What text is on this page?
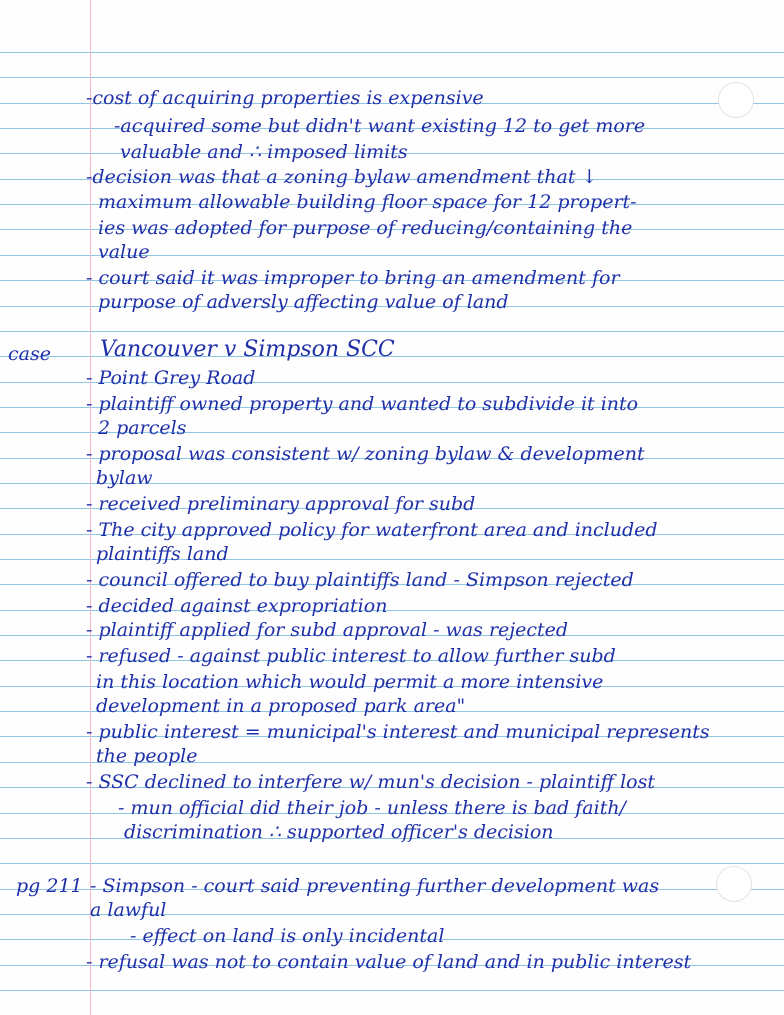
-cost of acquiring properties is expensive
-acquired some but didn't want existing 12 to get more
valuable and ∴ imposed limits
-decision was that a zoning bylaw amendment that ↓
maximum allowable building floor space for 12 propert-
ies was adopted for purpose of reducing/containing the
value
- court said it was improper to bring an amendment for
purpose of adversly affecting value of land
case Vancouver v Simpson SCC
- Point Grey Road
- plaintiff owned property and wanted to subdivide it into
2 parcels
- proposal was consistent w/ zoning bylaw & development
bylaw
- received preliminary approval for subd
- The city approved policy for waterfront area and included
plaintiffs land
- council offered to buy plaintiffs land - Simpson rejected
- decided against expropriation
- plaintiff applied for subd approval - was rejected
- refused - against public interest to allow further subd
in this location which would permit a more intensive
development in a proposed park area"
- public interest = municipal's interest and municipal represents
the people
- SSC declined to interfere w/ mun's decision - plaintiff lost
- mun official did their job - unless there is bad faith/
discrimination ∴ supported officer's decision
pg 211 - Simpson - court said preventing further development was
a lawful
- effect on land is only incidental
- refusal was not to contain value of land and in public interest
